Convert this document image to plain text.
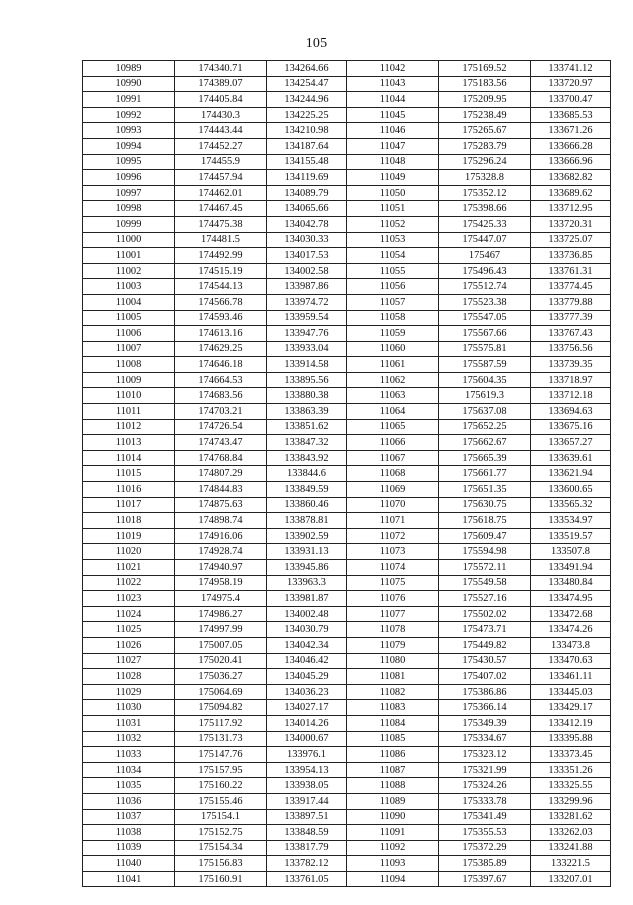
105
10989	174340.71	134264.66	11042	175169.52	133741.12
10990	174389.07	134254.47	11043	175183.56	133720.97
10991	174405.84	134244.96	11044	175209.95	133700.47
10992	174430.3	134225.25	11045	175238.49	133685.53
10993	174443.44	134210.98	11046	175265.67	133671.26
10994	174452.27	134187.64	11047	175283.79	133666.28
10995	174455.9	134155.48	11048	175296.24	133666.96
10996	174457.94	134119.69	11049	175328.8	133682.82
10997	174462.01	134089.79	11050	175352.12	133689.62
10998	174467.45	134065.66	11051	175398.66	133712.95
10999	174475.38	134042.78	11052	175425.33	133720.31
11000	174481.5	134030.33	11053	175447.07	133725.07
11001	174492.99	134017.53	11054	175467	133736.85
11002	174515.19	134002.58	11055	175496.43	133761.31
11003	174544.13	133987.86	11056	175512.74	133774.45
11004	174566.78	133974.72	11057	175523.38	133779.88
11005	174593.46	133959.54	11058	175547.05	133777.39
11006	174613.16	133947.76	11059	175567.66	133767.43
11007	174629.25	133933.04	11060	175575.81	133756.56
11008	174646.18	133914.58	11061	175587.59	133739.35
11009	174664.53	133895.56	11062	175604.35	133718.97
11010	174683.56	133880.38	11063	175619.3	133712.18
11011	174703.21	133863.39	11064	175637.08	133694.63
11012	174726.54	133851.62	11065	175652.25	133675.16
11013	174743.47	133847.32	11066	175662.67	133657.27
11014	174768.84	133843.92	11067	175665.39	133639.61
11015	174807.29	133844.6	11068	175661.77	133621.94
11016	174844.83	133849.59	11069	175651.35	133600.65
11017	174875.63	133860.46	11070	175630.75	133565.32
11018	174898.74	133878.81	11071	175618.75	133534.97
11019	174916.06	133902.59	11072	175609.47	133519.57
11020	174928.74	133931.13	11073	175594.98	133507.8
11021	174940.97	133945.86	11074	175572.11	133491.94
11022	174958.19	133963.3	11075	175549.58	133480.84
11023	174975.4	133981.87	11076	175527.16	133474.95
11024	174986.27	134002.48	11077	175502.02	133472.68
11025	174997.99	134030.79	11078	175473.71	133474.26
11026	175007.05	134042.34	11079	175449.82	133473.8
11027	175020.41	134046.42	11080	175430.57	133470.63
11028	175036.27	134045.29	11081	175407.02	133461.11
11029	175064.69	134036.23	11082	175386.86	133445.03
11030	175094.82	134027.17	11083	175366.14	133429.17
11031	175117.92	134014.26	11084	175349.39	133412.19
11032	175131.73	134000.67	11085	175334.67	133395.88
11033	175147.76	133976.1	11086	175323.12	133373.45
11034	175157.95	133954.13	11087	175321.99	133351.26
11035	175160.22	133938.05	11088	175324.26	133325.55
11036	175155.46	133917.44	11089	175333.78	133299.96
11037	175154.1	133897.51	11090	175341.49	133281.62
11038	175152.75	133848.59	11091	175355.53	133262.03
11039	175154.34	133817.79	11092	175372.29	133241.88
11040	175156.83	133782.12	11093	175385.89	133221.5
11041	175160.91	133761.05	11094	175397.67	133207.01
